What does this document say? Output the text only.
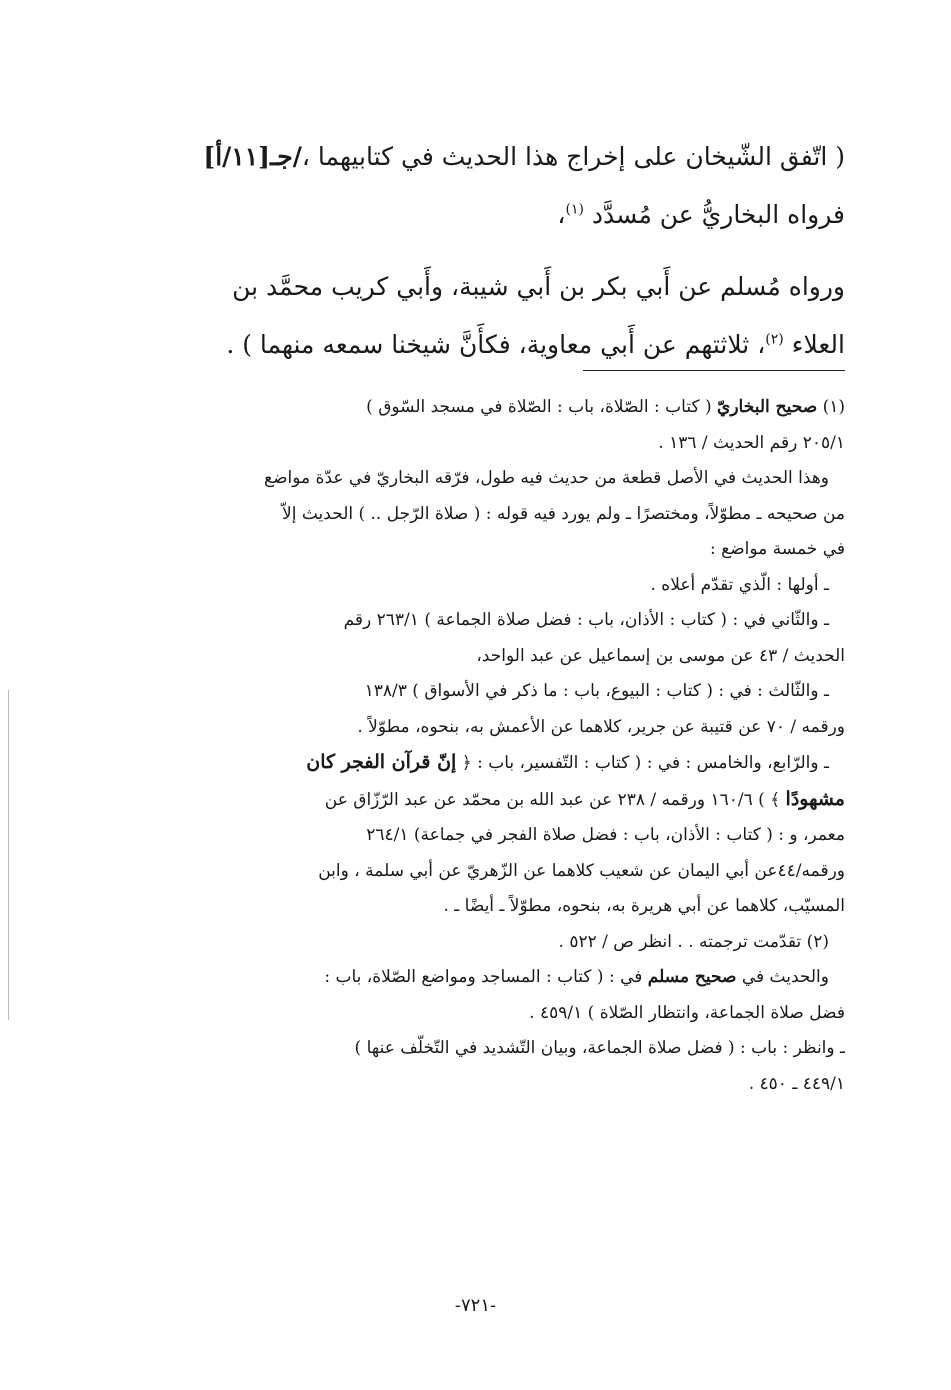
( اتّفق الشّيخان على إخراج هذا الحديث في كتابيهما ،/جـ[١١/أ]

فرواه البخاريُّ عن مُسدَّد $^{(١)}$،

ورواه مُسلم عن أَبي بكر بن أَبي شيبة، وأَبي كريب محمَّد بن

العلاء $^{(٢)}$، ثلاثتهم عن أَبي معاوية، فكأَنَّ شيخنا سمعه منهما ) .

(١) صحيح البخاريّ ( كتاب : الصّلاة، باب : الصّلاة في مسجد السّوق )
٢٠٥/١ رقم الحديث / ١٣٦ .
وهذا الحديث في الأصل قطعة من حديث فيه طول، فرّقه البخاريّ في عدّة مواضع
من صحيحه ـ مطوّلاً، ومختصرًا ـ ولم يورد فيه قوله : ( صلاة الرّجل .. ) الحديث إلاّ
في خمسة مواضع :
ـ أولها : الّذي تقدّم أعلاه .
ـ والثّاني في : ( كتاب : الأذان، باب : فضل صلاة الجماعة ) ٢٦٣/١ رقم
الحديث / ٤٣ عن موسى بن إسماعيل عن عبد الواحد،
ـ والثّالث : في : ( كتاب : البيوع، باب : ما ذكر في الأسواق ) ١٣٨/٣
ورقمه / ٧٠ عن قتيبة عن جرير، كلاهما عن الأعمش به، بنحوه، مطوّلاً .
ـ والرّابع، والخامس : في : ( كتاب : التّفسير، باب : ﴿ إنّ قرآن الفجر كان
مشهودًا ﴾ ) ١٦٠/٦ ورقمه / ٢٣٨ عن عبد الله بن محمّد عن عبد الرّزّاق عن
معمر، و : ( كتاب : الأذان، باب : فضل صلاة الفجر في جماعة) ٢٦٤/١
ورقمه/٤٤عن أبي اليمان عن شعيب كلاهما عن الزّهريّ عن أبي سلمة ، وابن
المسيّب، كلاهما عن أبي هريرة به، بنحوه، مطوّلاً ـ أيضًا ـ .
(٢) تقدّمت ترجمته . . انظر ص / ٥٢٢ .
والحديث في صحيح مسلم في : ( كتاب : المساجد ومواضع الصّلاة، باب :
فضل صلاة الجماعة، وانتظار الصّلاة ) ٤٥٩/١ .
ـ وانظر : باب : ( فضل صلاة الجماعة، وبيان التّشديد في التّخلّف عنها )
٤٤٩/١ ـ ٤٥٠ .
-٧٢١-
